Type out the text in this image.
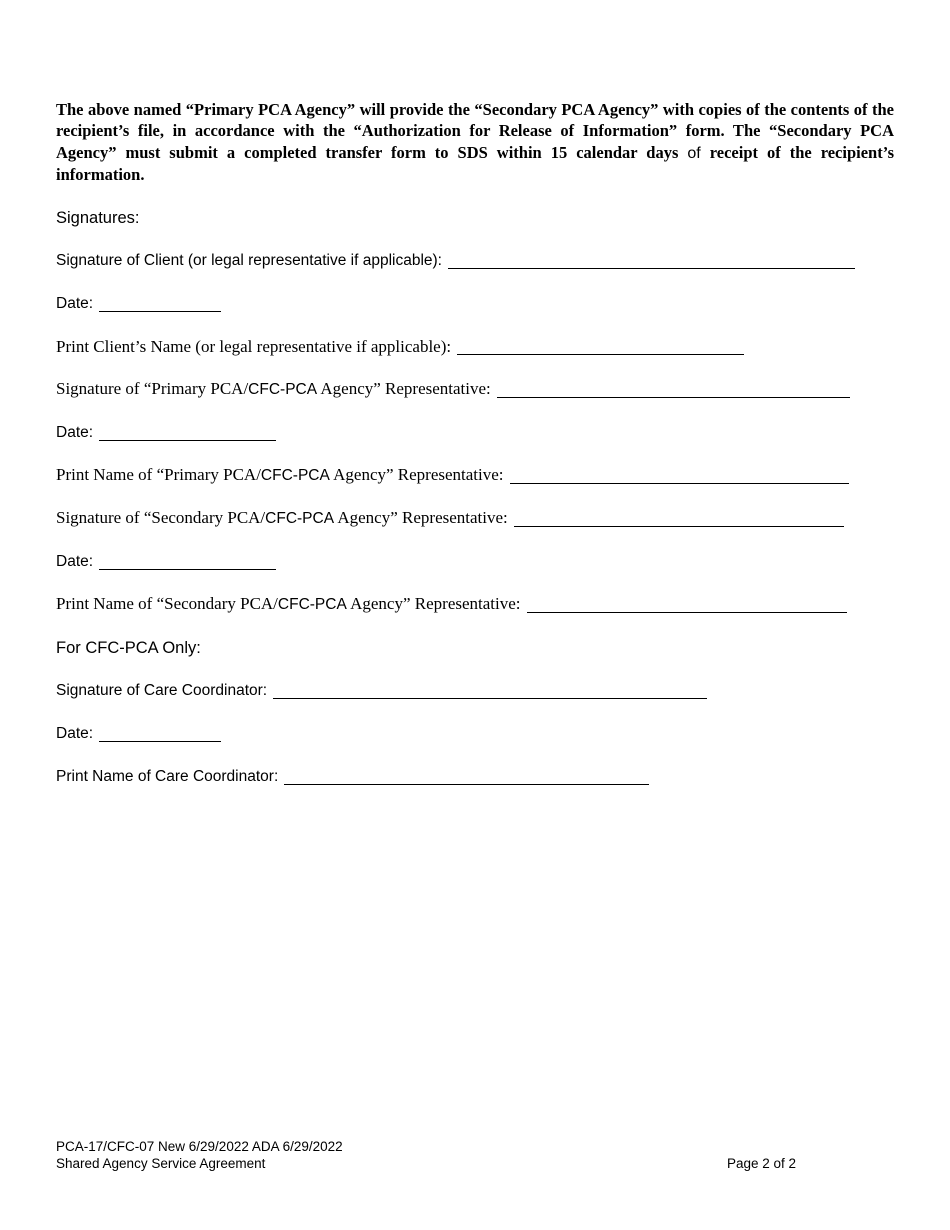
The above named “Primary PCA Agency” will provide the “Secondary PCA Agency” with copies of the contents of the recipient’s file, in accordance with the “Authorization for Release of Information” form. The “Secondary PCA Agency” must submit a completed transfer form to SDS within 15 calendar days of receipt of the recipient’s information.

Signatures:
Signature of Client (or legal representative if applicable):
Date:
Print Client’s Name (or legal representative if applicable):
Signature of “Primary PCA/CFC-PCA Agency” Representative:
Date:
Print Name of “Primary PCA/CFC-PCA Agency” Representative:
Signature of “Secondary PCA/CFC-PCA Agency” Representative:
Date:
Print Name of “Secondary PCA/CFC-PCA Agency” Representative:
For CFC-PCA Only:
Signature of Care Coordinator:
Date:
Print Name of Care Coordinator:
PCA-17/CFC-07 New 6/29/2022 ADA 6/29/2022
Shared Agency Service Agreement	Page 2 of 2
